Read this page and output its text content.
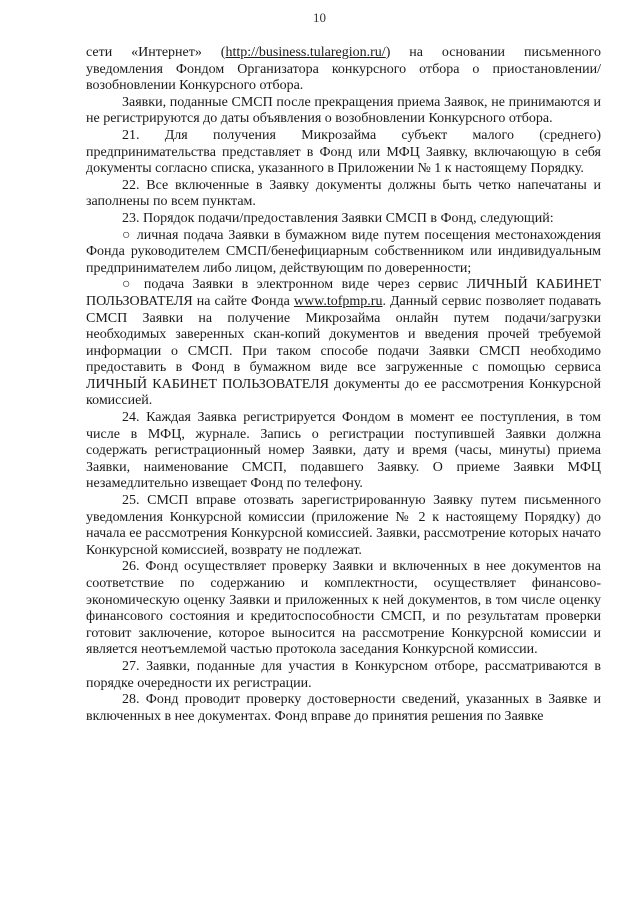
10

сети «Интернет» (http://business.tularegion.ru/) на основании письменного уведомления Фондом Организатора конкурсного отбора о приостановлении/возобновлении Конкурсного отбора.

Заявки, поданные СМСП после прекращения приема Заявок, не принимаются и не регистрируются до даты объявления о возобновлении Конкурсного отбора.

21. Для получения Микрозайма субъект малого (среднего) предпринимательства представляет в Фонд или МФЦ Заявку, включающую в себя документы согласно списка, указанного в Приложении № 1 к настоящему Порядку.

22. Все включенные в Заявку документы должны быть четко напечатаны и заполнены по всем пунктам.

23. Порядок подачи/предоставления Заявки СМСП в Фонд, следующий:

○ личная подача Заявки в бумажном виде путем посещения местонахождения Фонда руководителем СМСП/бенефициарным собственником или индивидуальным предпринимателем либо лицом, действующим по доверенности;

○ подача Заявки в электронном виде через сервис ЛИЧНЫЙ КАБИНЕТ ПОЛЬЗОВАТЕЛЯ на сайте Фонда www.tofpmp.ru. Данный сервис позволяет подавать СМСП Заявки на получение Микрозайма онлайн путем подачи/загрузки необходимых заверенных скан-копий документов и введения прочей требуемой информации о СМСП. При таком способе подачи Заявки СМСП необходимо предоставить в Фонд в бумажном виде все загруженные с помощью сервиса ЛИЧНЫЙ КАБИНЕТ ПОЛЬЗОВАТЕЛЯ документы до ее рассмотрения Конкурсной комиссией.

24. Каждая Заявка регистрируется Фондом в момент ее поступления, в том числе в МФЦ, журнале. Запись о регистрации поступившей Заявки должна содержать регистрационный номер Заявки, дату и время (часы, минуты) приема Заявки, наименование СМСП, подавшего Заявку. О приеме Заявки МФЦ незамедлительно извещает Фонд по телефону.

25. СМСП вправе отозвать зарегистрированную Заявку путем письменного уведомления Конкурсной комиссии (приложение № 2 к настоящему Порядку) до начала ее рассмотрения Конкурсной комиссией. Заявки, рассмотрение которых начато Конкурсной комиссией, возврату не подлежат.

26. Фонд осуществляет проверку Заявки и включенных в нее документов на соответствие по содержанию и комплектности, осуществляет финансово-экономическую оценку Заявки и приложенных к ней документов, в том числе оценку финансового состояния и кредитоспособности СМСП, и по результатам проверки готовит заключение, которое выносится на рассмотрение Конкурсной комиссии и является неотъемлемой частью протокола заседания Конкурсной комиссии.

27. Заявки, поданные для участия в Конкурсном отборе, рассматриваются в порядке очередности их регистрации.

28. Фонд проводит проверку достоверности сведений, указанных в Заявке и включенных в нее документах. Фонд вправе до принятия решения по Заявке
